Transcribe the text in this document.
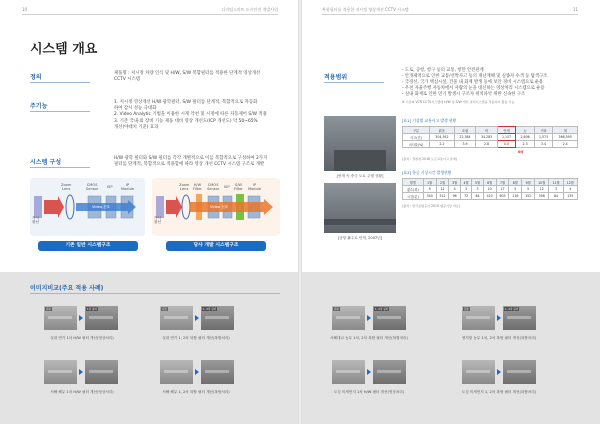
10	디지털스마트 도시안전 개발사업
시스템 개요
정의
제품명 : 저시정 차량 인식 및 H/W, S/W 복합필터를 적용한 단계적 영상개선
CCTV 시스템
주기능
1. 저시정 영상개선 H/W 광학필터, S/W 필터를 단계적, 복합적으로 자동화
하여 감시 성능 극대화
2. Video Analytic 기법을 이용한 시계 악천 및 시정에 따른 자동제어 S/W 적용
3. 기존 국내·외 장비 기능 제품 대비 영상 개선도(ICP 개선도) 약 50~65%
개선(야대치 기준) 효과
시스템 구성
H/W 광학 필터와 S/W 필터를 각각 개별적으로 이를 복합적으로 구성하여 2가지
필터를 단계적, 복합적으로 적용함에 따라 영상 개선 CCTV 시스템 구조로 개발
가시
광선
Zoom
Lens
CMOS
Sensor
ISP	IP
Module
Video 신호
기존 일반 시스템구조
가시
광선
Zoom
Lens
H/W
Filter
CMOS
Sensor
ISP S/W
Filter
IP
Module
Video 신호
당사 개발 시스템구조
이미지비교(주요 적용 사례)
원본	1차 필터	원본	1, 2차 필터
실내 연기 1차 H/W 필터 개선(영상처리)	실내 연기 1, 2차 복합 필터 개선(복합처리)
서해 해무 1차 H/W 필터 개선(영상처리)	서해 해무 1, 2차 복합 필터 개선(복합처리)
복합필터를 적용한 저시정 영상개선 CCTV 시스템	11
적용범위
- 도로, 공항, 항구 등의 교통, 항만 안전관계
- 안개제역으로 인한 교통/선박사고 등의 재난재해 및 실종자 수색 등 탐색구조
- 국경선, 국가 핵심시설, 건물 내 화재 발생 등에 보안 경비 시스템으로 운용
- 우천 자율주행 자동차에서 사람의 눈을 대신하는 영상처리 시스템으로 운용
- 실내 화재로 인한 연기 발생시 구조자 위치파악 위한 신속한 구조
※ 기존의 VCR CCTV시스템에 H/W 및 S/W 개선 필터시스템을 적용하여 활용 가능
[안개 속 중국 도로 주행 상황]
[공항 활주로 안개, 2007년]
[표1] 기상별 교통사고 발생 현황
구분	맑음	흐림	비	안개	눈	기타	계
사고(건)	304,392	22,384	34,283	1,157	2,806	1,573	366,595
치사율(%)	2.2	3.9	2.8	8.8	2.3	3.4	2.4
8배
(출처 : 경찰청 2018 도로교통사고 통계)
[표2] 항공 기상시간 발생현황
월별	1월	2월	3월	4월	5월	6월	7월	8월	9월	10월	11월	12월
횟수(회)	9	12	4	3	3	10	17	5	5	12	3	4
시간(분)	340	512	96	72	64	410	603	118	152	398	84	135
(출처 : 한국공항공사 2019 항공기상 자료)
원본	1, 2차 필터	원본	1, 2차 필터
서해대교 농무 1차, 2차 복합 필터 개선(복합처리)	영저항 농무 1차, 2차 복합 필터 개선(복합처리)
도심 미세먼지 1차 H/W 필터 개선(영상처리)	도심 미세먼지 1, 2차 복합 필터 개선(복합처리)
